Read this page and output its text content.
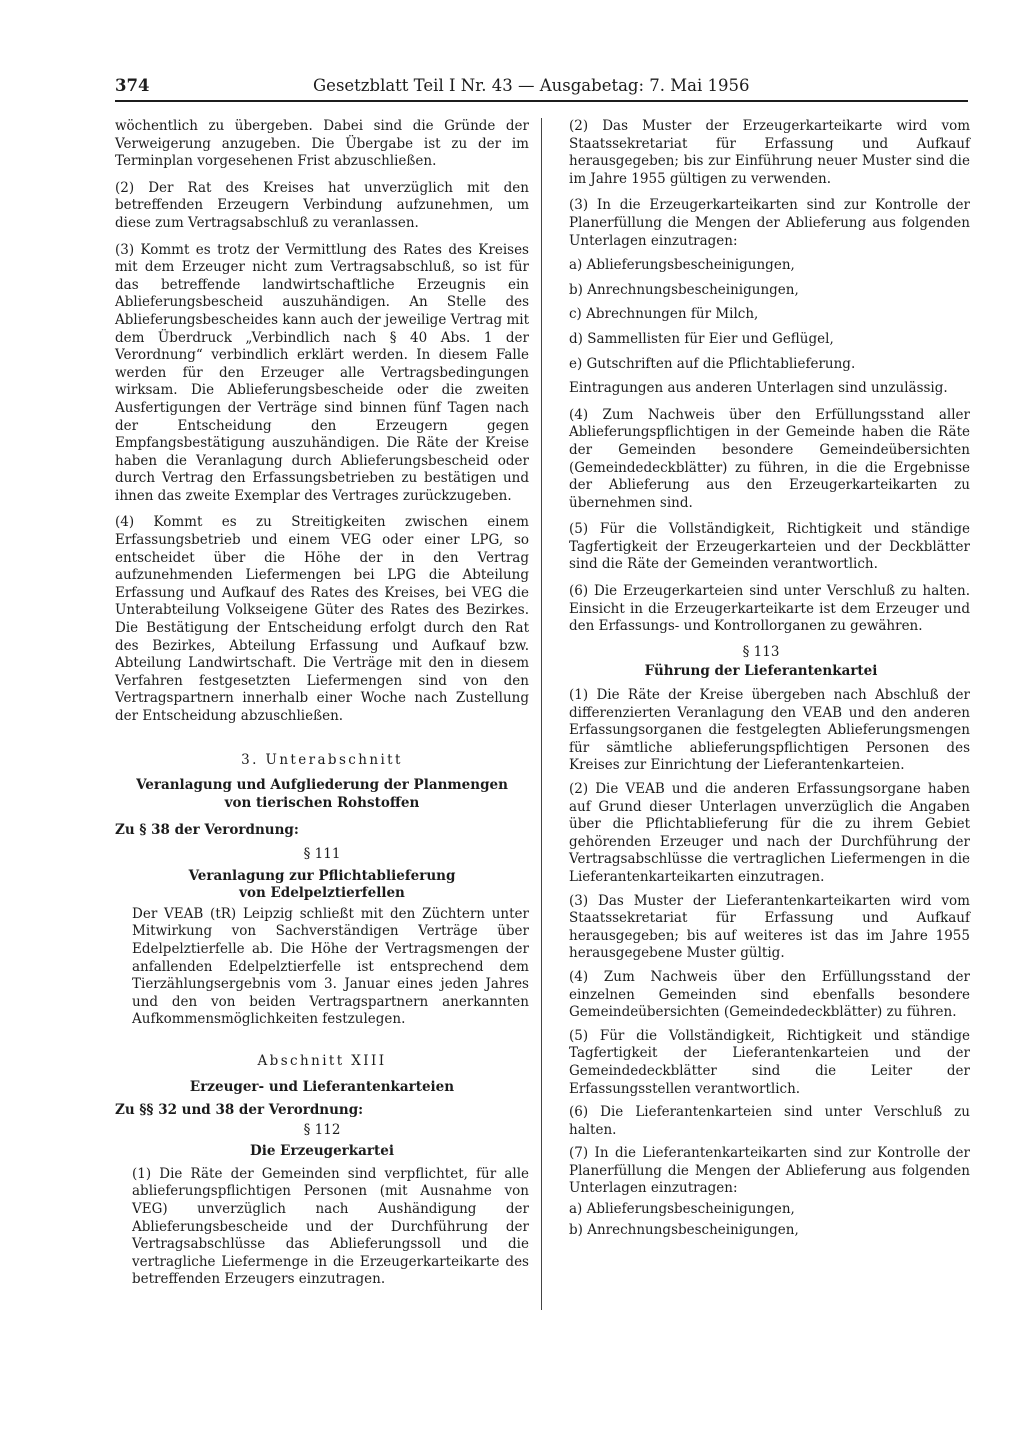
374	Gesetzblatt Teil I Nr. 43 — Ausgabetag: 7. Mai 1956

wöchentlich zu übergeben. Dabei sind die Gründe der Verweigerung anzugeben. Die Übergabe ist zu der im Terminplan vorgesehenen Frist abzuschließen.

(2) Der Rat des Kreises hat unverzüglich mit den betreffenden Erzeugern Verbindung aufzunehmen, um diese zum Vertragsabschluß zu veranlassen.

(3) Kommt es trotz der Vermittlung des Rates des Kreises mit dem Erzeuger nicht zum Vertragsabschluß, so ist für das betreffende landwirtschaftliche Erzeugnis ein Ablieferungsbescheid auszuhändigen. An Stelle des Ablieferungsbescheides kann auch der jeweilige Vertrag mit dem Überdruck „Verbindlich nach § 40 Abs. 1 der Verordnung“ verbindlich erklärt werden. In diesem Falle werden für den Erzeuger alle Vertragsbedingungen wirksam. Die Ablieferungsbescheide oder die zweiten Ausfertigungen der Verträge sind binnen fünf Tagen nach der Entscheidung den Erzeugern gegen Empfangsbestätigung auszuhändigen. Die Räte der Kreise haben die Veranlagung durch Ablieferungsbescheid oder durch Vertrag den Erfassungsbetrieben zu bestätigen und ihnen das zweite Exemplar des Vertrages zurückzugeben.

(4) Kommt es zu Streitigkeiten zwischen einem Erfassungsbetrieb und einem VEG oder einer LPG, so entscheidet über die Höhe der in den Vertrag aufzunehmenden Liefermengen bei LPG die Abteilung Erfassung und Aufkauf des Rates des Kreises, bei VEG die Unterabteilung Volkseigene Güter des Rates des Bezirkes. Die Bestätigung der Entscheidung erfolgt durch den Rat des Bezirkes, Abteilung Erfassung und Aufkauf bzw. Abteilung Landwirtschaft. Die Verträge mit den in diesem Verfahren festgesetzten Liefermengen sind von den Vertragspartnern innerhalb einer Woche nach Zustellung der Entscheidung abzuschließen.

3. Unterabschnitt

Veranlagung und Aufgliederung der Planmengen

von tierischen Rohstoffen

Zu § 38 der Verordnung:

§ 111

Veranlagung zur Pflichtablieferung

von Edelpelztierfellen

Der VEAB (tR) Leipzig schließt mit den Züchtern unter Mitwirkung von Sachverständigen Verträge über Edelpelztierfelle ab. Die Höhe der Vertragsmengen der anfallenden Edelpelztierfelle ist entsprechend dem Tierzählungsergebnis vom 3. Januar eines jeden Jahres und den von beiden Vertragspartnern anerkannten Aufkommensmöglichkeiten festzulegen.

Abschnitt XIII

Erzeuger- und Lieferantenkarteien

Zu §§ 32 und 38 der Verordnung:

§ 112

Die Erzeugerkartei

(1) Die Räte der Gemeinden sind verpflichtet, für alle ablieferungspflichtigen Personen (mit Ausnahme von VEG) unverzüglich nach Aushändigung der Ablieferungsbescheide und der Durchführung der Vertragsabschlüsse das Ablieferungssoll und die vertragliche Liefermenge in die Erzeugerkarteikarte des betreffenden Erzeugers einzutragen.

(2) Das Muster der Erzeugerkarteikarte wird vom Staatssekretariat für Erfassung und Aufkauf herausgegeben; bis zur Einführung neuer Muster sind die im Jahre 1955 gültigen zu verwenden.

(3) In die Erzeugerkarteikarten sind zur Kontrolle der Planerfüllung die Mengen der Ablieferung aus folgenden Unterlagen einzutragen:

a) Ablieferungsbescheinigungen,

b) Anrechnungsbescheinigungen,

c) Abrechnungen für Milch,

d) Sammellisten für Eier und Geflügel,

e) Gutschriften auf die Pflichtablieferung.

Eintragungen aus anderen Unterlagen sind unzulässig.

(4) Zum Nachweis über den Erfüllungsstand aller Ablieferungspflichtigen in der Gemeinde haben die Räte der Gemeinden besondere Gemeindeübersichten (Gemeindedeckblätter) zu führen, in die die Ergebnisse der Ablieferung aus den Erzeugerkarteikarten zu übernehmen sind.

(5) Für die Vollständigkeit, Richtigkeit und ständige Tagfertigkeit der Erzeugerkarteien und der Deckblätter sind die Räte der Gemeinden verantwortlich.

(6) Die Erzeugerkarteien sind unter Verschluß zu halten. Einsicht in die Erzeugerkarteikarte ist dem Erzeuger und den Erfassungs- und Kontrollorganen zu gewähren.

§ 113

Führung der Lieferantenkartei

(1) Die Räte der Kreise übergeben nach Abschluß der differenzierten Veranlagung den VEAB und den anderen Erfassungsorganen die festgelegten Ablieferungsmengen für sämtliche ablieferungspflichtigen Personen des Kreises zur Einrichtung der Lieferantenkarteien.

(2) Die VEAB und die anderen Erfassungsorgane haben auf Grund dieser Unterlagen unverzüglich die Angaben über die Pflichtablieferung für die zu ihrem Gebiet gehörenden Erzeuger und nach der Durchführung der Vertragsabschlüsse die vertraglichen Liefermengen in die Lieferantenkarteikarten einzutragen.

(3) Das Muster der Lieferantenkarteikarten wird vom Staatssekretariat für Erfassung und Aufkauf herausgegeben; bis auf weiteres ist das im Jahre 1955 herausgegebene Muster gültig.

(4) Zum Nachweis über den Erfüllungsstand der einzelnen Gemeinden sind ebenfalls besondere Gemeindeübersichten (Gemeindedeckblätter) zu führen.

(5) Für die Vollständigkeit, Richtigkeit und ständige Tagfertigkeit der Lieferantenkarteien und der Gemeindedeckblätter sind die Leiter der Erfassungsstellen verantwortlich.

(6) Die Lieferantenkarteien sind unter Verschluß zu halten.

(7) In die Lieferantenkarteikarten sind zur Kontrolle der Planerfüllung die Mengen der Ablieferung aus folgenden Unterlagen einzutragen:

a) Ablieferungsbescheinigungen,

b) Anrechnungsbescheinigungen,
